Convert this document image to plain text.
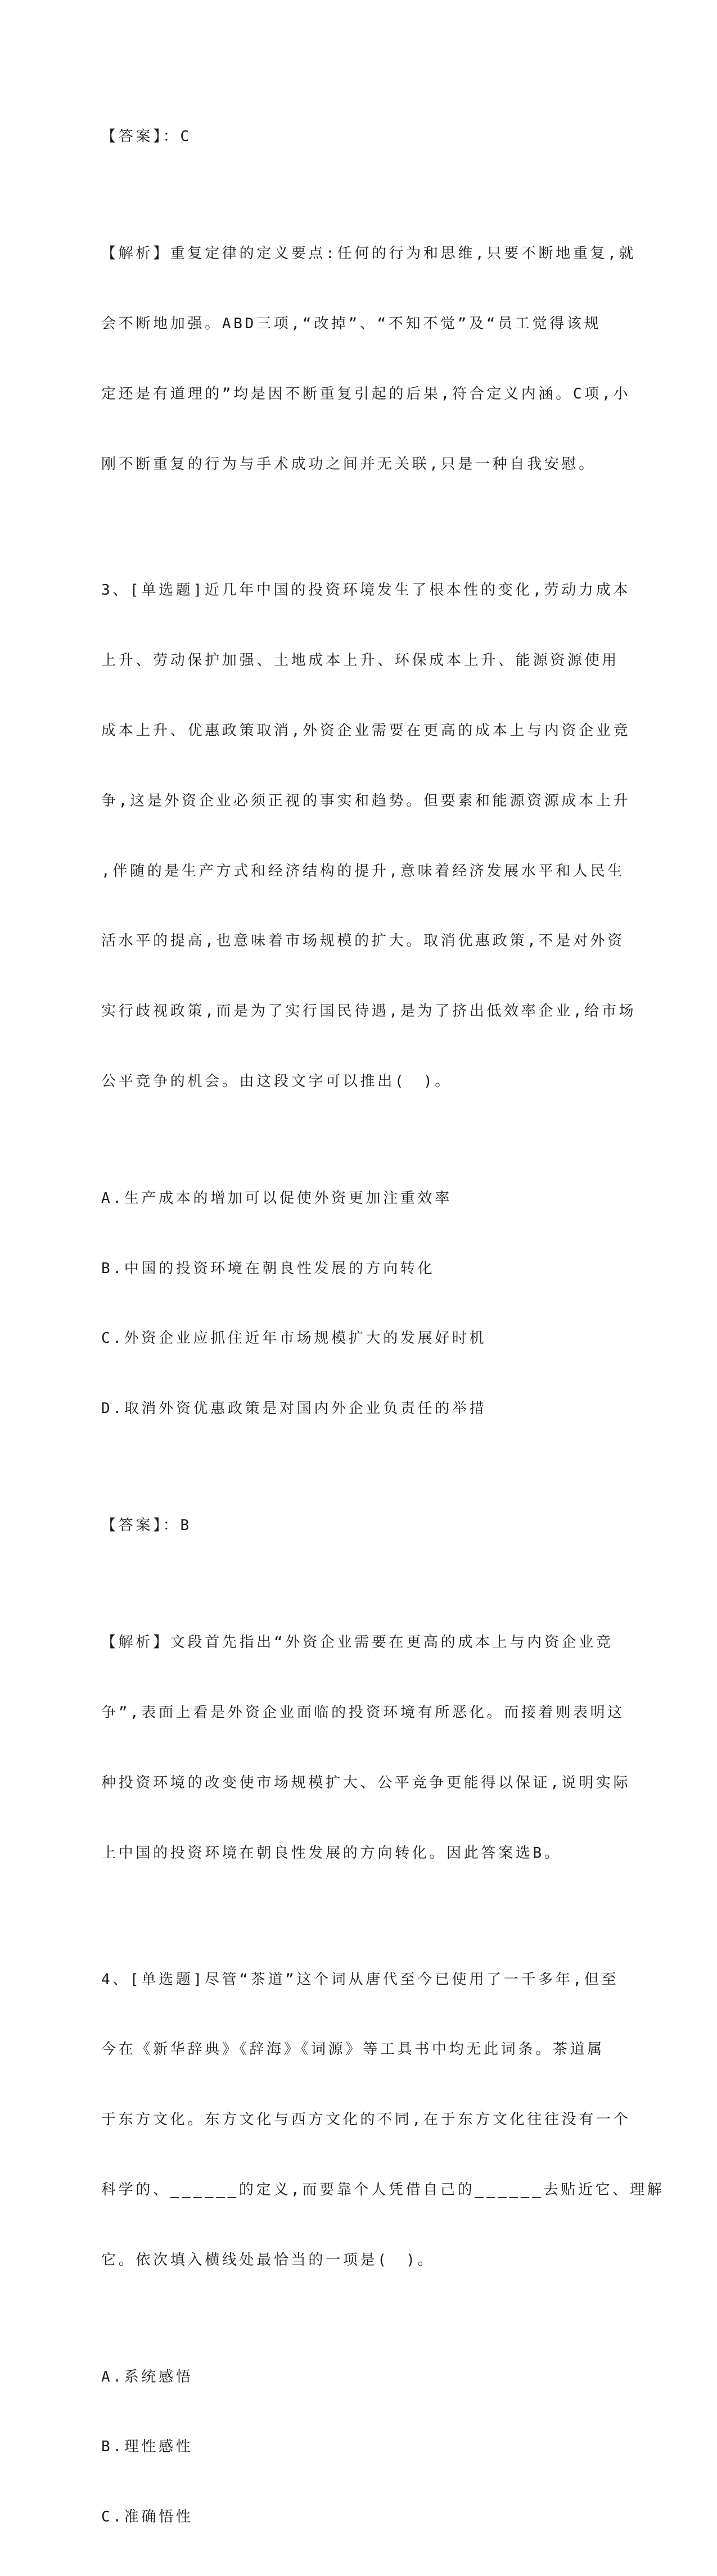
【答案】：C

【解析】重复定律的定义要点:任何的行为和思维,只要不断地重复,就

会不断地加强。ABD三项,“改掉”、“不知不觉”及“员工觉得该规

定还是有道理的”均是因不断重复引起的后果,符合定义内涵。C项,小

刚不断重复的行为与手术成功之间并无关联,只是一种自我安慰。

3、[单选题]近几年中国的投资环境发生了根本性的变化,劳动力成本

上升、劳动保护加强、土地成本上升、环保成本上升、能源资源使用

成本上升、优惠政策取消,外资企业需要在更高的成本上与内资企业竞

争,这是外资企业必须正视的事实和趋势。但要素和能源资源成本上升

,伴随的是生产方式和经济结构的提升,意味着经济发展水平和人民生

活水平的提高,也意味着市场规模的扩大。取消优惠政策,不是对外资

实行歧视政策,而是为了实行国民待遇,是为了挤出低效率企业,给市场

公平竞争的机会。由这段文字可以推出(　)。

A.生产成本的增加可以促使外资更加注重效率

B.中国的投资环境在朝良性发展的方向转化

C.外资企业应抓住近年市场规模扩大的发展好时机

D.取消外资优惠政策是对国内外企业负责任的举措

【答案】：B

【解析】文段首先指出“外资企业需要在更高的成本上与内资企业竞

争”,表面上看是外资企业面临的投资环境有所恶化。而接着则表明这

种投资环境的改变使市场规模扩大、公平竞争更能得以保证,说明实际

上中国的投资环境在朝良性发展的方向转化。因此答案选B。

4、[单选题]尽管“茶道”这个词从唐代至今已使用了一千多年,但至

今在《新华辞典》《辞海》《词源》等工具书中均无此词条。茶道属

于东方文化。东方文化与西方文化的不同,在于东方文化往往没有一个

科学的、______的定义,而要靠个人凭借自己的______去贴近它、理解

它。依次填入横线处最恰当的一项是(　)。

A.系统感悟

B.理性感性

C.准确悟性
